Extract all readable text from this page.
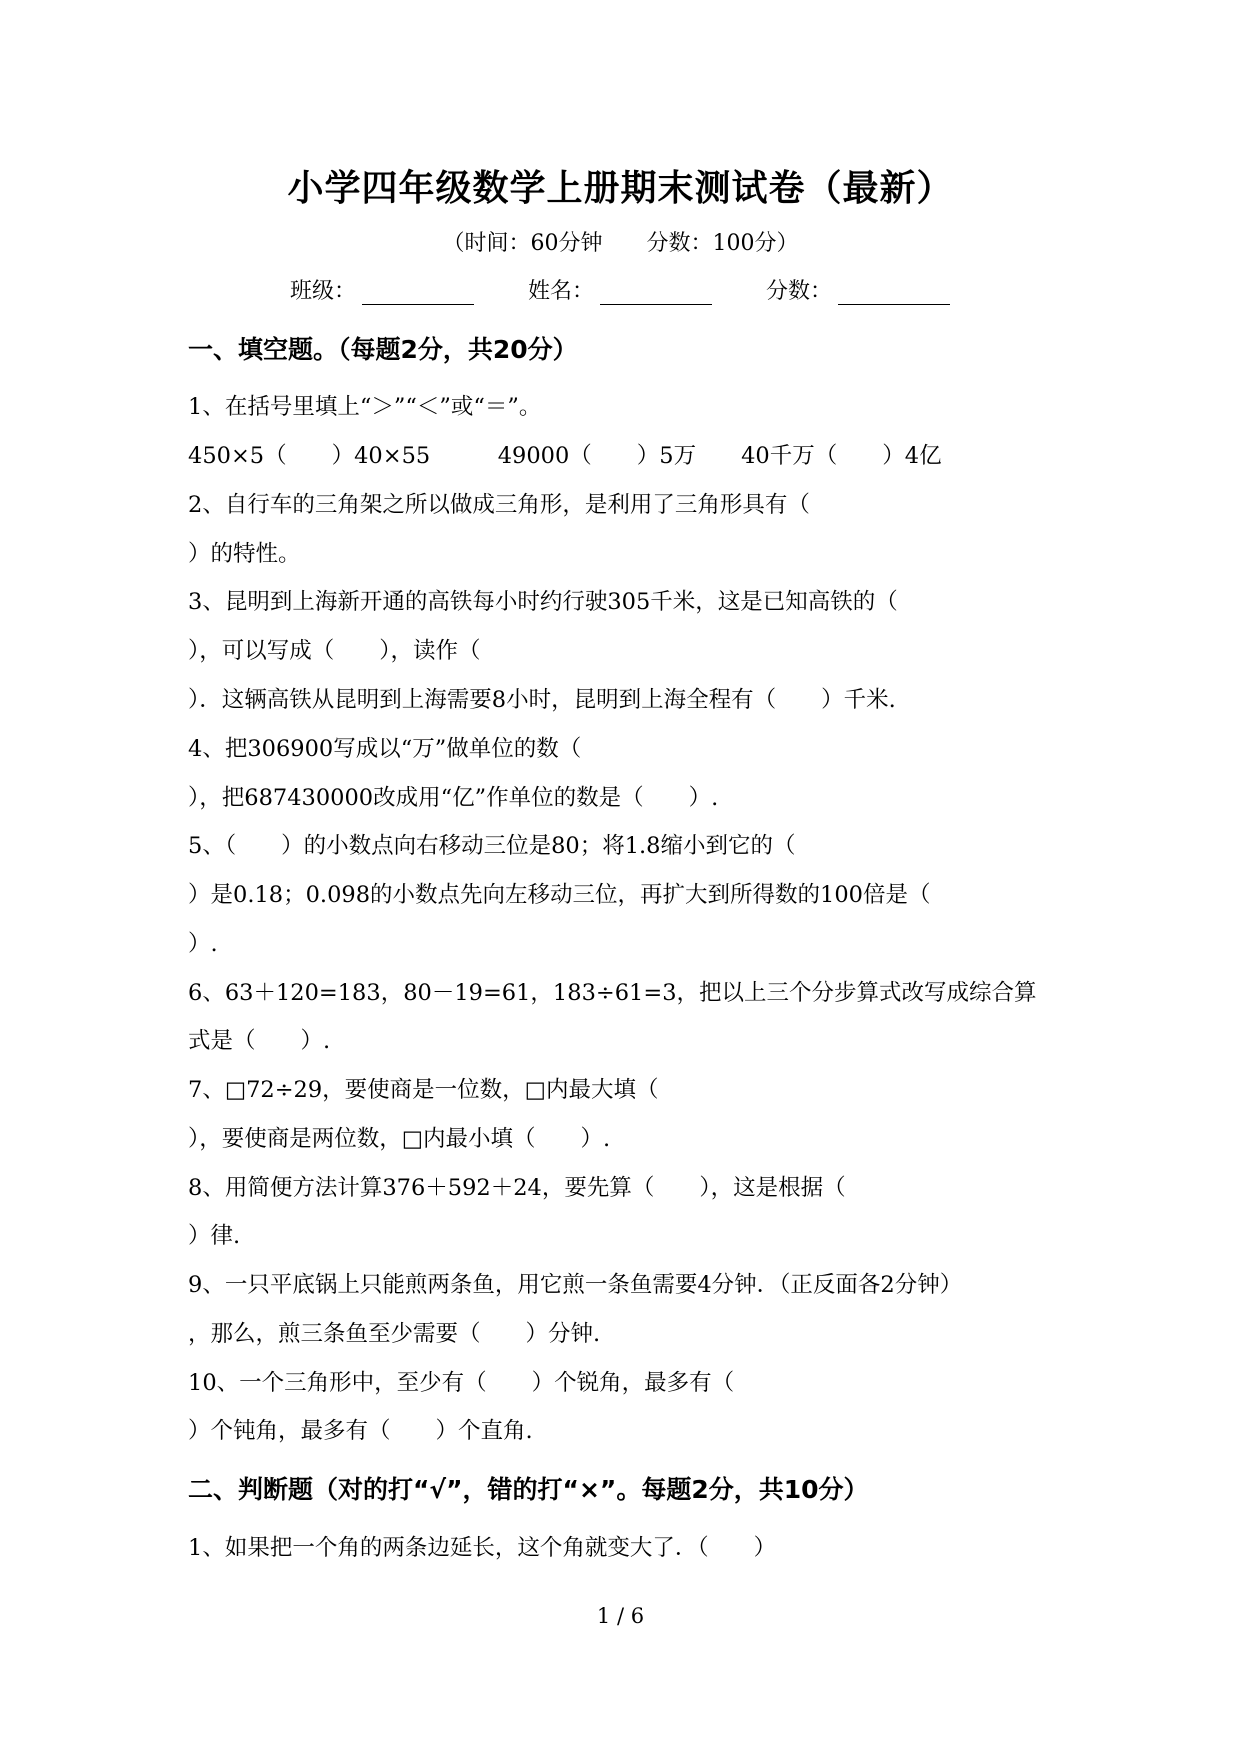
小学四年级数学上册期末测试卷（最新）
（时间：60分钟　　分数：100分）
班级：	姓名：	分数：
一、填空题。（每题2分，共20分）
1、在括号里填上“＞”“＜”或“＝”。
450×5（　　）40×55　　　49000（　　）5万　　40千万（　　）4亿
2、自行车的三角架之所以做成三角形，是利用了三角形具有（
）的特性。
3、昆明到上海新开通的高铁每小时约行驶305千米，这是已知高铁的（
），可以写成（　　），读作（
）．这辆高铁从昆明到上海需要8小时，昆明到上海全程有（　　）千米.
4、把306900写成以“万”做单位的数（
），把687430000改成用“亿”作单位的数是（　　）.
5、（　　）的小数点向右移动三位是80；将1.8缩小到它的（
）是0.18；0.098的小数点先向左移动三位，再扩大到所得数的100倍是（
）.
6、63＋120=183，80－19=61，183÷61=3，把以上三个分步算式改写成综合算
式是（　　）.
7、□72÷29，要使商是一位数，□内最大填（
），要使商是两位数，□内最小填（　　）.
8、用简便方法计算376＋592＋24，要先算（　　），这是根据（
）律.
9、一只平底锅上只能煎两条鱼，用它煎一条鱼需要4分钟．（正反面各2分钟）
，那么，煎三条鱼至少需要（　　）分钟.
10、一个三角形中，至少有（　　）个锐角，最多有（
）个钝角，最多有（　　）个直角.
二、判断题（对的打“√”，错的打“×”。每题2分，共10分）
1、如果把一个角的两条边延长，这个角就变大了．（　　）
1 / 6
